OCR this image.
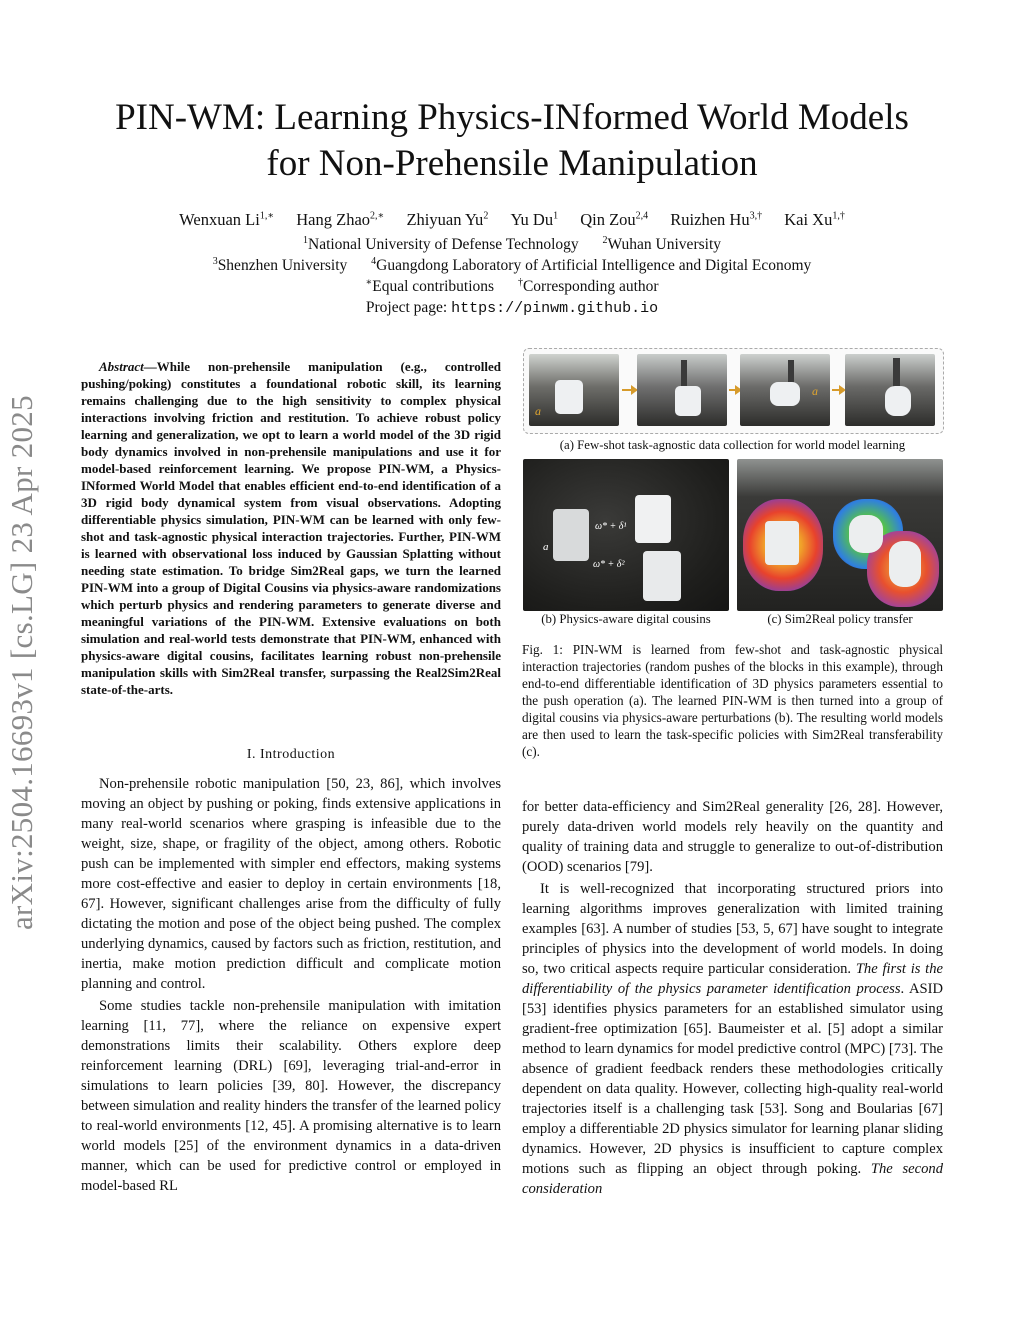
PIN-WM: Learning Physics-INformed World Models
for Non-Prehensile Manipulation
Wenxuan $Li^{1,∗}$ Hang Zhao$^{2,∗}$ Zhiyuan Yu$^2$ Yu Du$^1$ Qin Zou$^{2,4}$ Ruizhen $Hu^{3,\dagger}$ Kai $Xu^{1,\dagger}$
$^1$National University of Defense Technology $^2$Wuhan University
$^3$Shenzhen University $^4$Guangdong Laboratory of Artificial Intelligence and Digital Economy
∗Equal contributions †Corresponding author
Project page: https://pinwm.github.io
arXiv:2504.16693v1 [cs.LG] 23 Apr 2025
Abstract—While non-prehensile manipulation (e.g., controlled pushing/poking) constitutes a foundational robotic skill, its learning remains challenging due to the high sensitivity to complex physical interactions involving friction and restitution. To achieve robust policy learning and generalization, we opt to learn a world model of the 3D rigid body dynamics involved in non-prehensile manipulations and use it for model-based reinforcement learning. We propose PIN-WM, a Physics-INformed World Model that enables efficient end-to-end identification of a 3D rigid body dynamical system from visual observations. Adopting differentiable physics simulation, PIN-WM can be learned with only few-shot and task-agnostic physical interaction trajectories. Further, PIN-WM is learned with observational loss induced by Gaussian Splatting without needing state estimation. To bridge Sim2Real gaps, we turn the learned PIN-WM into a group of Digital Cousins via physics-aware randomizations which perturb physics and rendering parameters to generate diverse and meaningful variations of the PIN-WM. Extensive evaluations on both simulation and real-world tests demonstrate that PIN-WM, enhanced with physics-aware digital cousins, facilitates learning robust non-prehensile manipulation skills with Sim2Real transfer, surpassing the Real2Sim2Real state-of-the-arts.
I. Introduction

Non-prehensile robotic manipulation [50, 23, 86], which involves moving an object by pushing or poking, finds extensive applications in many real-world scenarios where grasping is infeasible due to the weight, size, shape, or fragility of the object, among others. Robotic push can be implemented with simpler end effectors, making systems more cost-effective and easier to deploy in certain environments [18, 67]. However, significant challenges arise from the difficulty of fully dictating the motion and pose of the object being pushed. The complex underlying dynamics, caused by factors such as friction, restitution, and inertia, make motion prediction difficult and complicate motion planning and control.

Some studies tackle non-prehensile manipulation with imitation learning [11, 77], where the reliance on expensive expert demonstrations limits their scalability. Others explore deep reinforcement learning (DRL) [69], leveraging trial-and-error in simulations to learn policies [39, 80]. However, the discrepancy between simulation and reality hinders the transfer of the learned policy to real-world environments [12, 45]. A promising alternative is to learn world models [25] of the environment dynamics in a data-driven manner, which can be used for predictive control or employed in model-based RL

a
a
(a) Few-shot task-agnostic data collection for world model learning
a
ω* + δ¹
ω* + δ²
(b) Physics-aware digital cousins	(c) Sim2Real policy transfer
Fig. 1: PIN-WM is learned from few-shot and task-agnostic physical interaction trajectories (random pushes of the blocks in this example), through end-to-end differentiable identification of 3D physics parameters essential to the push operation (a). The learned PIN-WM is then turned into a group of digital cousins via physics-aware perturbations (b). The resulting world models are then used to learn the task-specific policies with Sim2Real transferability (c).

for better data-efficiency and Sim2Real generality [26, 28]. However, purely data-driven world models rely heavily on the quantity and quality of training data and struggle to generalize to out-of-distribution (OOD) scenarios [79].

It is well-recognized that incorporating structured priors into learning algorithms improves generalization with limited training examples [63]. A number of studies [53, 5, 67] have sought to integrate principles of physics into the development of world models. In doing so, two critical aspects require particular consideration. The first is the differentiability of the physics parameter identification process. ASID [53] identifies physics parameters for an established simulator using gradient-free optimization [65]. Baumeister et al. [5] adopt a similar method to learn dynamics for model predictive control (MPC) [73]. The absence of gradient feedback renders these methodologies critically dependent on data quality. However, collecting high-quality real-world trajectories itself is a challenging task [53]. Song and Boularias [67] employ a differentiable 2D physics simulator for learning planar sliding dynamics. However, 2D physics is insufficient to capture complex motions such as flipping an object through poking. The second consideration
